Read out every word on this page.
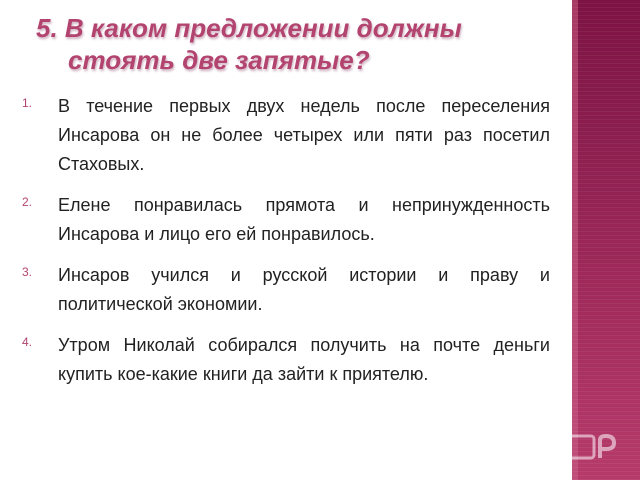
5. В каком предложении должны
стоять две запятые?
1. В течение первых двух недель после переселения Инсарова он не более четырех или пяти раз посетил Стаховых.
2. Елене понравилась прямота и непринужденность Инсарова и лицо его ей понравилось.
3. Инсаров учился и русской истории и праву и политической экономии.
4. Утром Николай собирался получить на почте деньги купить кое-какие книги да зайти к приятелю.
